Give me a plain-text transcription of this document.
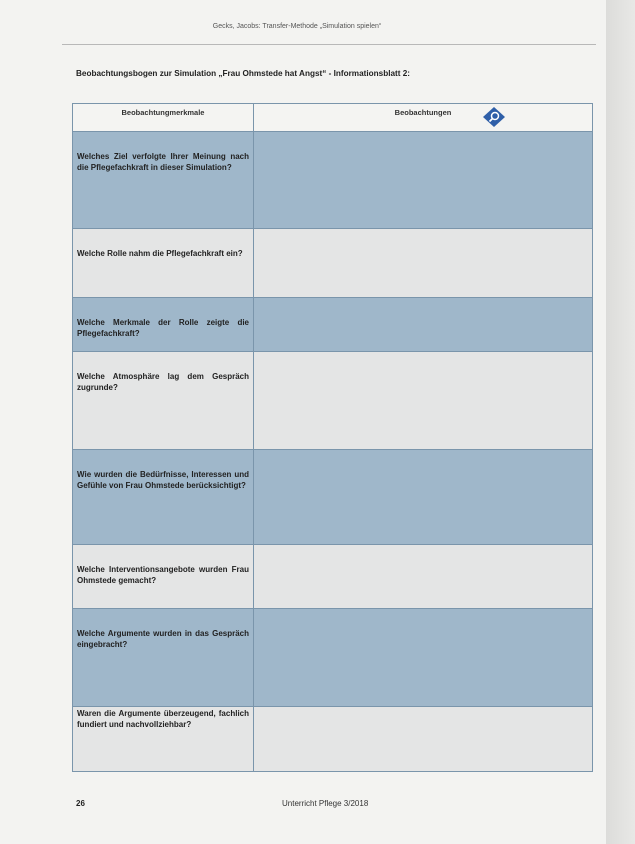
Gecks, Jacobs: Transfer-Methode „Simulation spielen“
Beobachtungsbogen zur Simulation „Frau Ohmstede hat Angst“ - Informationsblatt 2:
Beobachtungmerkmale	Beobachtungen
Welches Ziel verfolgte Ihrer Meinung nach die Pflegefachkraft in dieser Simulation?
Welche Rolle nahm die Pflegefachkraft ein?
Welche Merkmale der Rolle zeigte die Pflegefachkraft?
Welche Atmosphäre lag dem Gespräch zugrunde?
Wie wurden die Bedürfnisse, Interessen und Gefühle von Frau Ohmstede berücksichtigt?
Welche Interventionsangebote wurden Frau Ohmstede gemacht?
Welche Argumente wurden in das Gespräch eingebracht?
Waren die Argumente überzeugend, fachlich fundiert und nachvollziehbar?
26	Unterricht Pflege 3/2018
